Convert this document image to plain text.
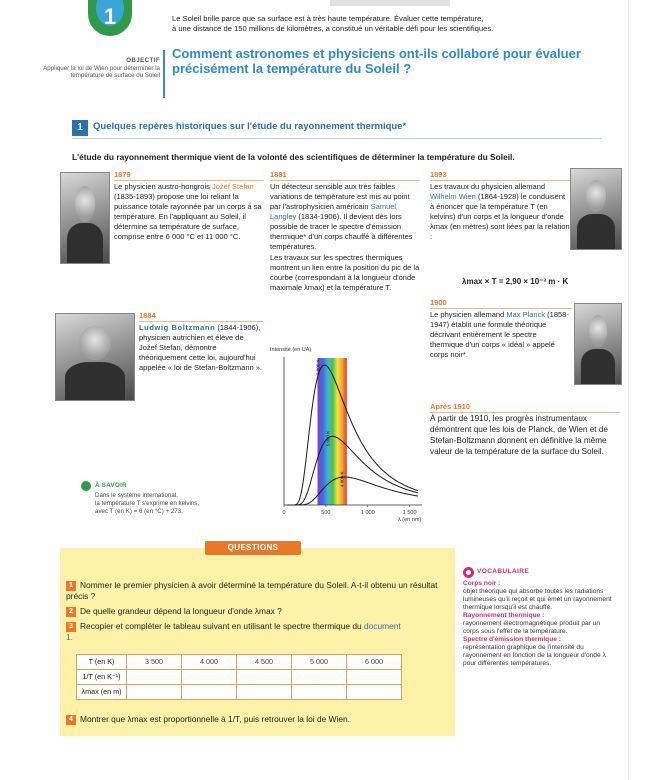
1	Le Soleil brille parce que sa surface est à très haute température. Évaluer cette température,
à une distance de 150 millions de kilomètres, a constitué un véritable défi pour les scientifiques.
OBJECTIF
Appliquer la loi de Wien pour déterminer la température de surface du Soleil
Comment astronomes et physiciens ont-ils collaboré pour évaluer
précisément la température du Soleil ?
1	Quelques repères historiques sur l'étude du rayonnement thermique*
L'étude du rayonnement thermique vient de la volonté des scientifiques de déterminer la température du Soleil.
1879
Le physicien austro-hongrois Jožef Stefan (1835-1893) propose une loi reliant la puissance totale rayonnée par un corps à sa température. En l'appliquant au Soleil, il détermine sa température de surface, comprise entre 6 000 °C et 11 000 °C.
1884
Ludwig Boltzmann (1844-1906), physicien autrichien et élève de Jožef Stefan, démontre théoriquement cette loi, aujourd'hui appelée « loi de Stefan-Boltzmann ».
1881
Un détecteur sensible aux très faibles variations de température est mis au point par l'astrophysicien américain Samuel Langley (1834-1906). Il devient dès lors possible de tracer le spectre d'émission thermique* d'un corps chauffé à différentes températures.
Les travaux sur les spectres thermiques montrent un lien entre la position du pic de la courbe (correspondant à la longueur d'onde maximale λmax) et la température T.
Intensité (en UA)
0	500	1 000	1 500
λ (en nm)
6 000 K
5 000 K
4 000 K
1893
Les travaux du physicien allemand Wilhelm Wien (1864-1928) le conduisent à énoncer que la température T (en kelvins) d'un corps et la longueur d'onde λmax (en mètres) sont liées par la relation :
λmax × T = 2,90 × 10⁻³ m · K
1900
Le physicien allemand Max Planck (1858-1947) établit une formule théorique décrivant entièrement le spectre thermique d'un corps « idéal » appelé corps noir*.
Après 1910
À partir de 1910, les progrès instrumentaux démontrent que les lois de Planck, de Wien et de Stefan-Boltzmann donnent en définitive la même valeur de la température de la surface du Soleil.
À SAVOIR
Dans le système international,
la température T s'exprime en kelvins,
avec T (en K) = θ (en °C) + 273.
QUESTIONS
1 Nommer le premier physicien à avoir déterminé la température du Soleil. A-t-il obtenu un résultat précis ?
2 De quelle grandeur dépend la longueur d'onde λmax ?
3 Recopier et compléter le tableau suivant en utilisant le spectre thermique du document 1.
T (en K)	3 500	4 000	4 500	5 000	6 000
1/T (en K⁻¹)					
λmax (en m)					
4 Montrer que λmax est proportionnelle à 1/T, puis retrouver la loi de Wien.
VOCABULAIRE
Corps noir :
objet théorique qui absorbe toutes les radiations lumineuses qu'il reçoit et qui émet un rayonnement thermique lorsqu'il est chauffé.
Rayonnement thermique :
rayonnement électromagnétique produit par un corps sous l'effet de la température.
Spectre d'émission thermique :
représentation graphique de l'intensité du rayonnement en fonction de la longueur d'onde λ pour différentes températures.
